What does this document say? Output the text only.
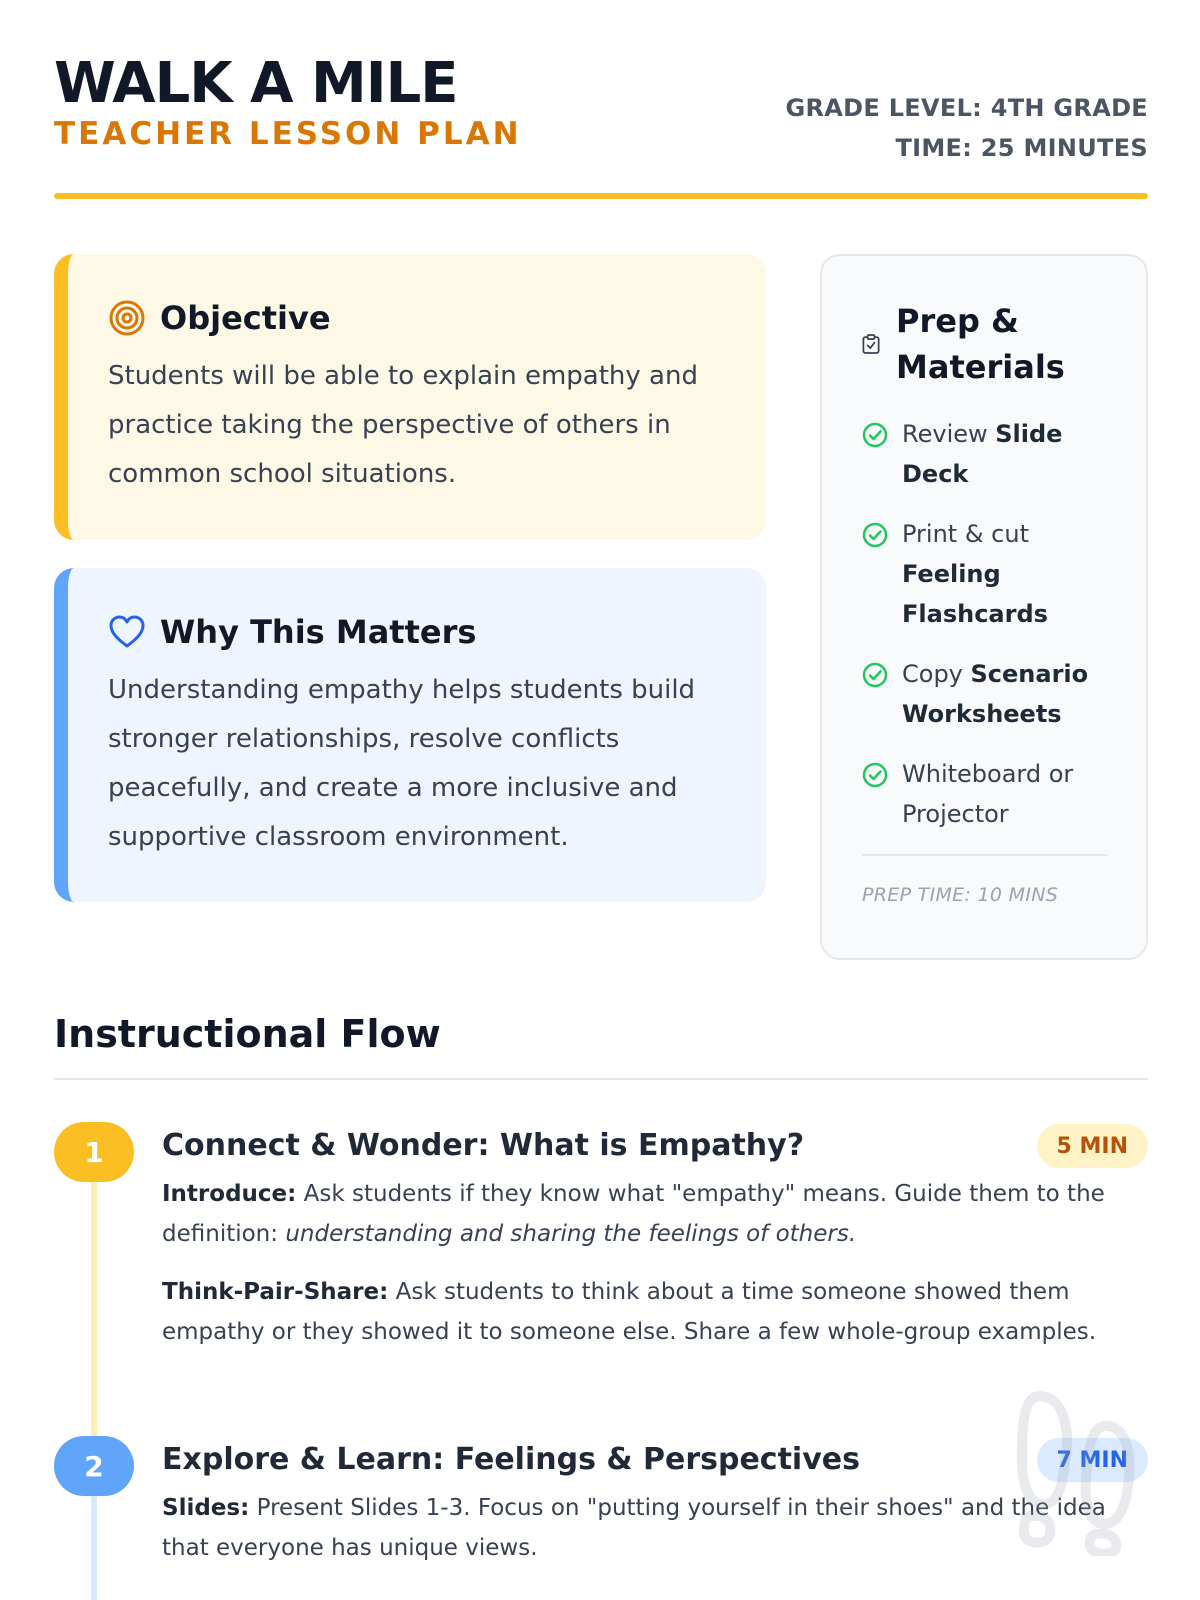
WALK A MILE
TEACHER LESSON PLAN
GRADE LEVEL: 4TH GRADE
TIME: 25 MINUTES
Objective

Students will be able to explain empathy and practice taking the perspective of others in common school situations.

Why This Matters

Understanding empathy helps students build stronger relationships, resolve conflicts peacefully, and create a more inclusive and supportive classroom environment.

Prep & Materials
Review Slide Deck
Print & cut Feeling Flashcards
Copy Scenario Worksheets
Whiteboard or Projector
PREP TIME: 10 MINS
Instructional Flow
1	Connect & Wonder: What is Empathy?	5 MIN

Introduce: Ask students if they know what "empathy" means. Guide them to the definition: understanding and sharing the feelings of others.

Think-Pair-Share: Ask students to think about a time someone showed them empathy or they showed it to someone else. Share a few whole-group examples.

2	Explore & Learn: Feelings & Perspectives	7 MIN

Slides: Present Slides 1-3. Focus on "putting yourself in their shoes" and the idea that everyone has unique views.
